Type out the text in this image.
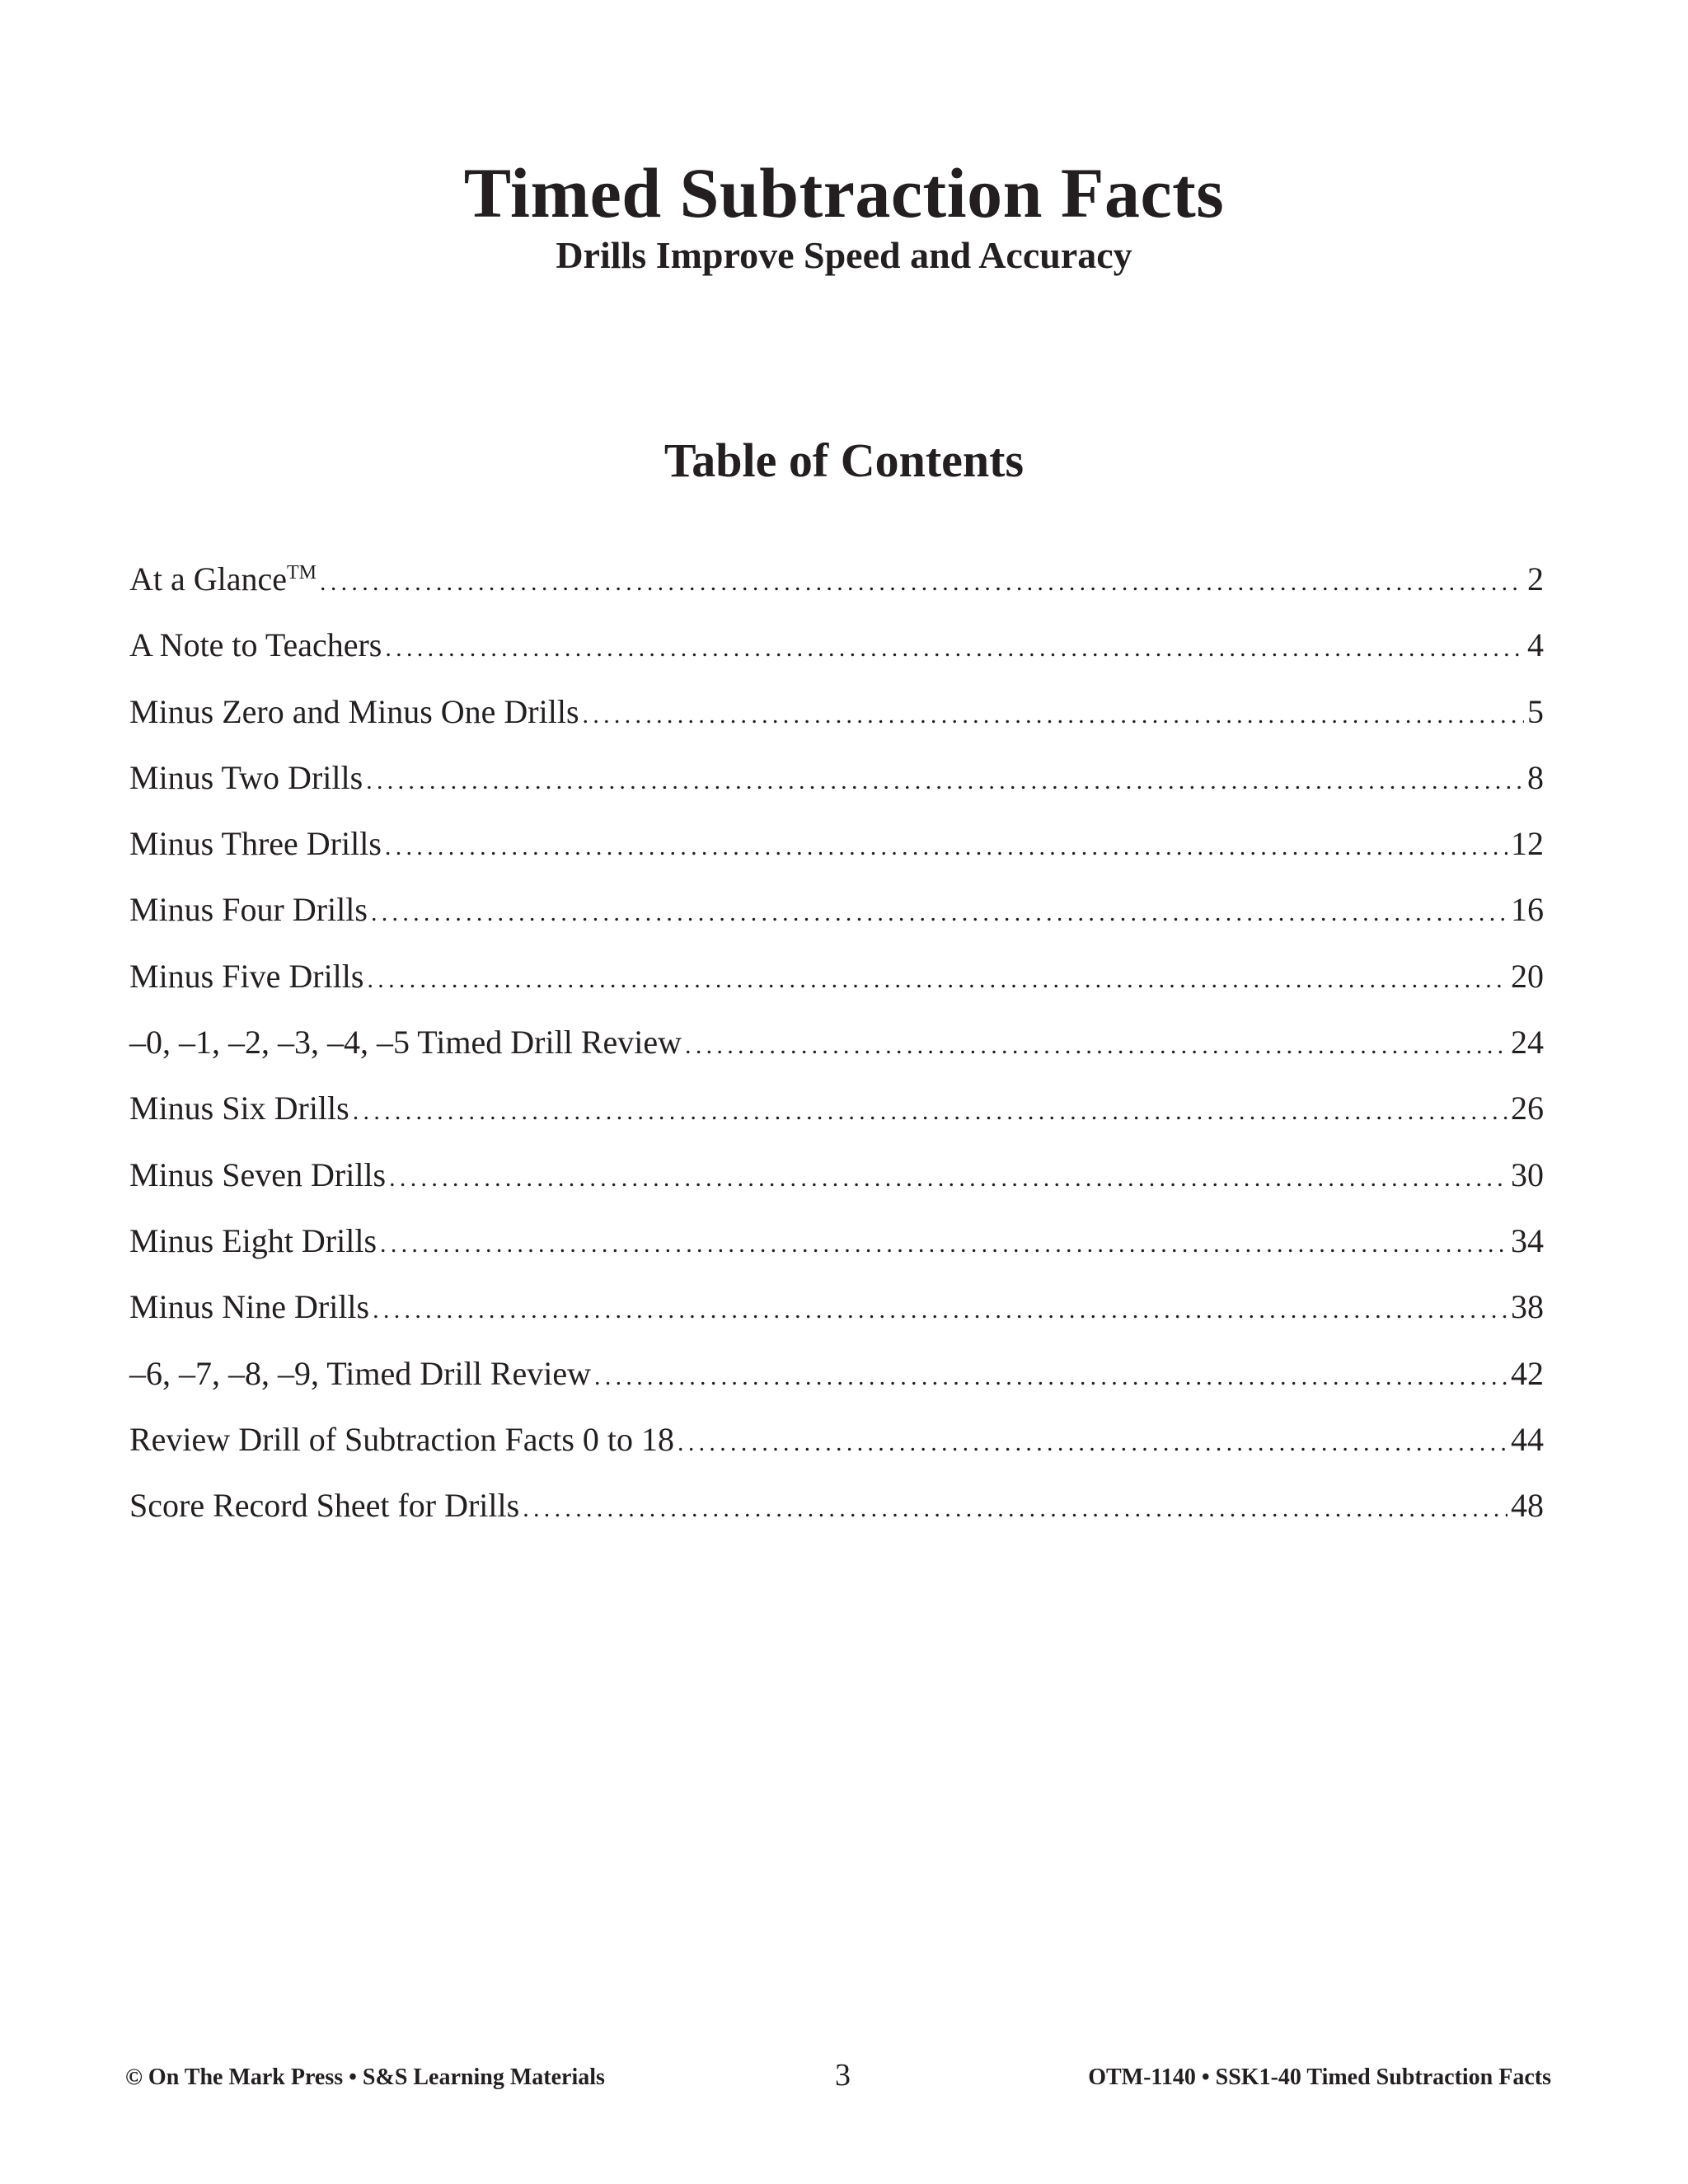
Timed Subtraction Facts
Drills Improve Speed and Accuracy
Table of Contents
At a Glance™ .....	2
A Note to Teachers .....	4
Minus Zero and Minus One Drills .....	5
Minus Two Drills .....	8
Minus Three Drills .....	12
Minus Four Drills .....	16
Minus Five Drills .....	20
–0, –1, –2, –3, –4, –5 Timed Drill Review .....	24
Minus Six Drills .....	26
Minus Seven Drills .....	30
Minus Eight Drills .....	34
Minus Nine Drills .....	38
–6, –7, –8, –9, Timed Drill Review .....	42
Review Drill of Subtraction Facts 0 to 18 .....	44
Score Record Sheet for Drills .....	48
© On The Mark Press • S&S Learning Materials	3	OTM-1140 • SSK1-40 Timed Subtraction Facts
